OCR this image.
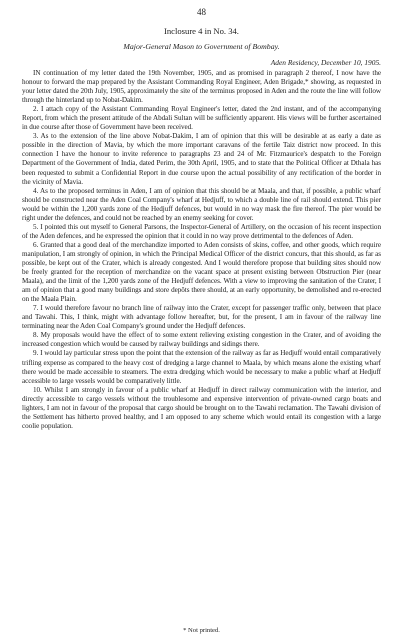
48
Inclosure 4 in No. 34.
Major-General Mason to Government of Bombay.
Aden Residency, December 10, 1905.

IN continuation of my letter dated the 19th November, 1905, and as promised in paragraph 2 thereof, I now have the honour to forward the map prepared by the Assistant Commanding Royal Engineer, Aden Brigade,* showing, as requested in your letter dated the 20th July, 1905, approximately the site of the terminus proposed in Aden and the route the line will follow through the hinterland up to Nobat-Dakim.

2. I attach copy of the Assistant Commanding Royal Engineer's letter, dated the 2nd instant, and of the accompanying Report, from which the present attitude of the Abdali Sultan will be sufficiently apparent. His views will be further ascertained in due course after those of Government have been received.

3. As to the extension of the line above Nobat-Dakim, I am of opinion that this will be desirable at as early a date as possible in the direction of Mavia, by which the more important caravans of the fertile Taiz district now proceed. In this connection I have the honour to invite reference to paragraphs 23 and 24 of Mr. Fitzmaurice's despatch to the Foreign Department of the Government of India, dated Perim, the 30th April, 1905, and to state that the Political Officer at Dthala has been requested to submit a Confidential Report in due course upon the actual possibility of any rectification of the border in the vicinity of Mavia.

4. As to the proposed terminus in Aden, I am of opinion that this should be at Maala, and that, if possible, a public wharf should be constructed near the Aden Coal Company's wharf at Hedjuff, to which a double line of rail should extend. This pier would be within the 1,200 yards zone of the Hedjuff defences, but would in no way mask the fire thereof. The pier would be right under the defences, and could not be reached by an enemy seeking for cover.

5. I pointed this out myself to General Parsons, the Inspector-General of Artillery, on the occasion of his recent inspection of the Aden defences, and he expressed the opinion that it could in no way prove detrimental to the defences of Aden.

6. Granted that a good deal of the merchandize imported to Aden consists of skins, coffee, and other goods, which require manipulation, I am strongly of opinion, in which the Principal Medical Officer of the district concurs, that this should, as far as possible, be kept out of the Crater, which is already congested. And I would therefore propose that building sites should now be freely granted for the reception of merchandize on the vacant space at present existing between Obstruction Pier (near Maala), and the limit of the 1,200 yards zone of the Hedjuff defences. With a view to improving the sanitation of the Crater, I am of opinion that a good many buildings and store depôts there should, at an early opportunity, be demolished and re-erected on the Maala Plain.

7. I would therefore favour no branch line of railway into the Crater, except for passenger traffic only, between that place and Tawahi. This, I think, might with advantage follow hereafter, but, for the present, I am in favour of the railway line terminating near the Aden Coal Company's ground under the Hedjuff defences.

8. My proposals would have the effect of to some extent relieving existing congestion in the Crater, and of avoiding the increased congestion which would be caused by railway buildings and sidings there.

9. I would lay particular stress upon the point that the extension of the railway as far as Hedjuff would entail comparatively trifling expense as compared to the heavy cost of dredging a large channel to Maala, by which means alone the existing wharf there would be made accessible to steamers. The extra dredging which would be necessary to make a public wharf at Hedjuff accessible to large vessels would be comparatively little.

10. Whilst I am strongly in favour of a public wharf at Hedjuff in direct railway communication with the interior, and directly accessible to cargo vessels without the troublesome and expensive intervention of private-owned cargo boats and lighters, I am not in favour of the proposal that cargo should be brought on to the Tawahi reclamation. The Tawahi division of the Settlement has hitherto proved healthy, and I am opposed to any scheme which would entail its congestion with a large coolie population.

* Not printed.
